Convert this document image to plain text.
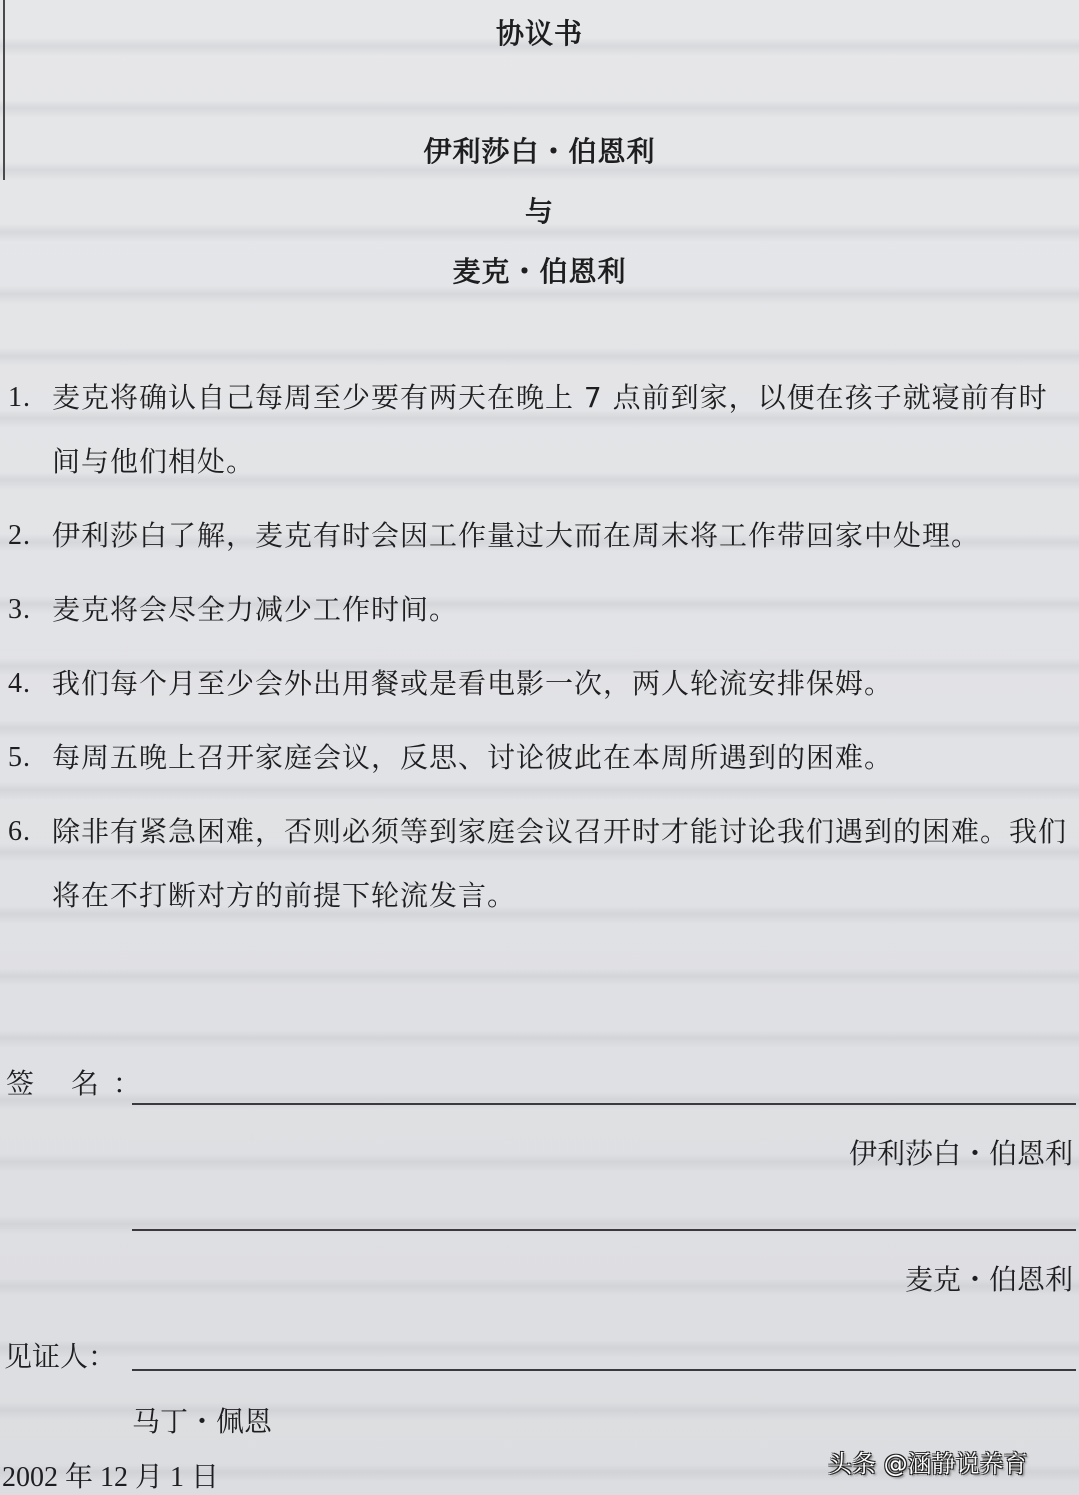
协议书
伊利莎白・伯恩利
与
麦克・伯恩利
1. 麦克将确认自己每周至少要有两天在晚上 7 点前到家，以便在孩子就寝前有时间与他们相处。
2. 伊利莎白了解，麦克有时会因工作量过大而在周末将工作带回家中处理。
3. 麦克将会尽全力减少工作时间。
4. 我们每个月至少会外出用餐或是看电影一次，两人轮流安排保姆。
5. 每周五晚上召开家庭会议，反思、讨论彼此在本周所遇到的困难。
6. 除非有紧急困难，否则必须等到家庭会议召开时才能讨论我们遇到的困难。我们将在不打断对方的前提下轮流发言。
签 名：
伊利莎白・伯恩利
麦克・伯恩利
见证人：
马丁・佩恩
2002 年 12 月 1 日	头条 @涵静说养育
